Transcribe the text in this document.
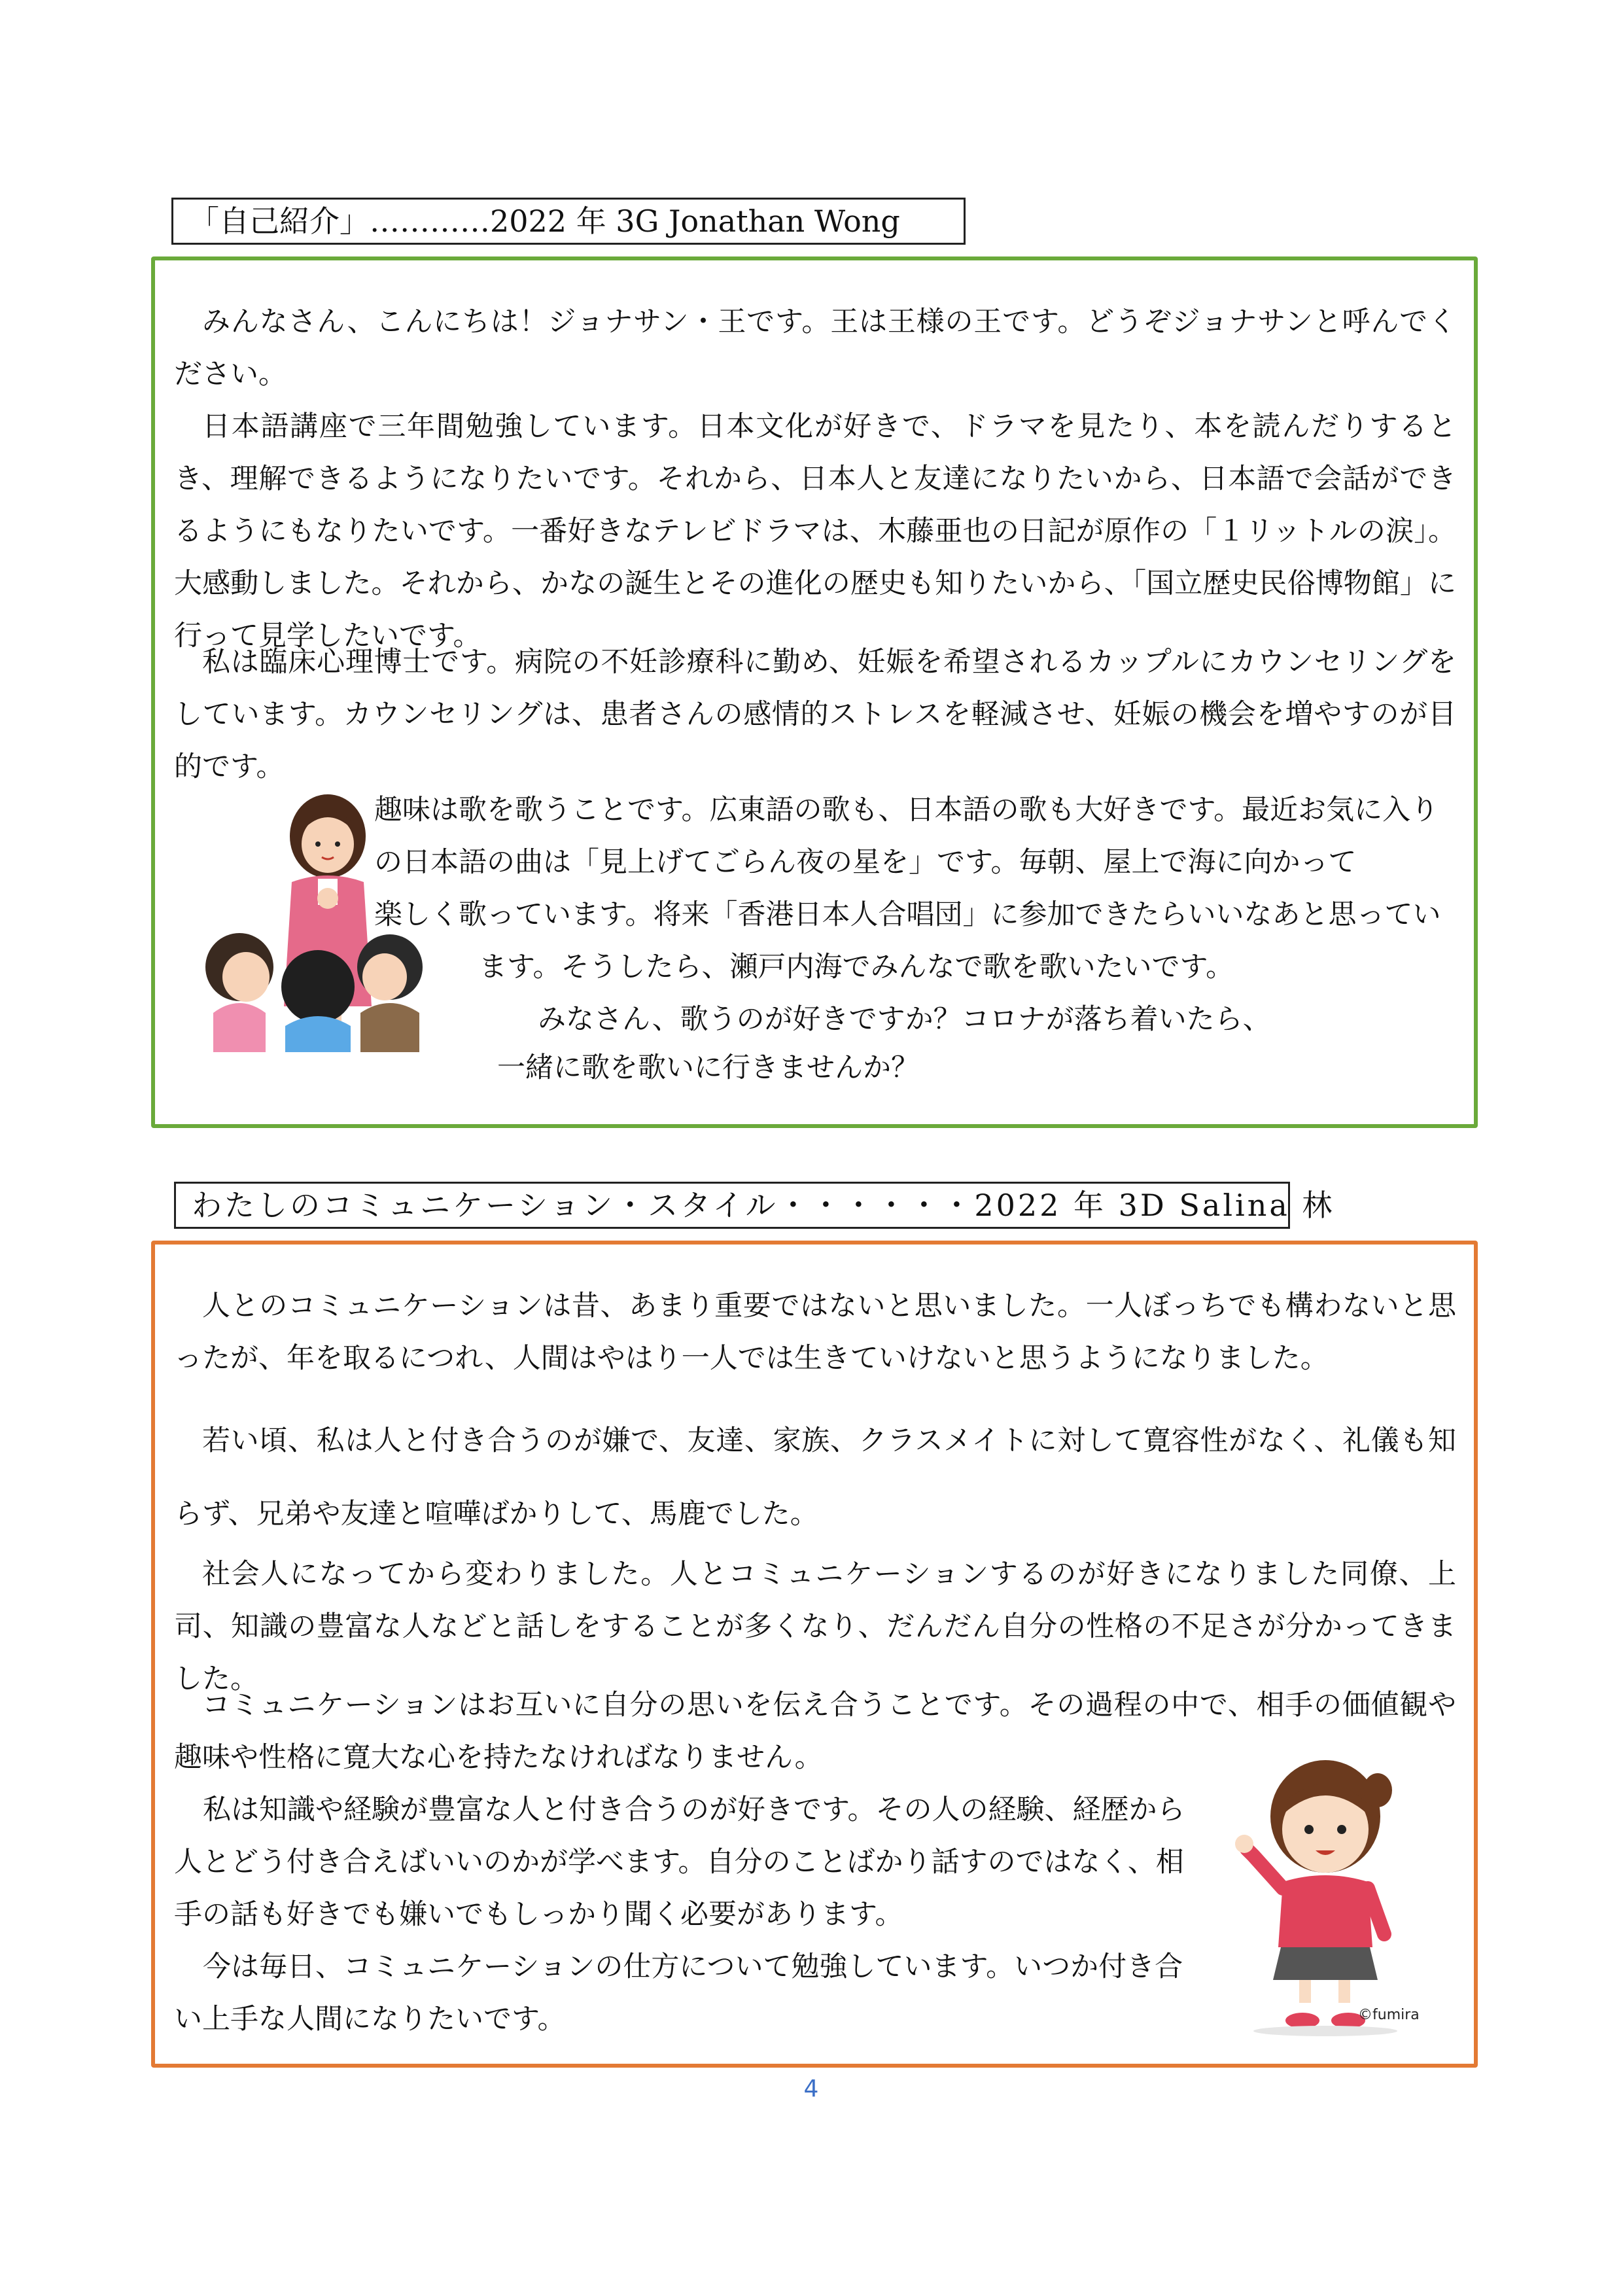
「自己紹介」…………2022 年 3G Jonathan Wong

みんなさん、こんにちは！ジョナサン・王です。王は王様の王です。どうぞジョナサンと呼んでください。

日本語講座で三年間勉強しています。日本文化が好きで、ドラマを見たり、本を読んだりするとき、理解できるようになりたいです。それから、日本人と友達になりたいから、日本語で会話ができるようにもなりたいです。一番好きなテレビドラマは、木藤亜也の日記が原作の「１リットルの涙」。大感動しました。それから、かなの誕生とその進化の歴史も知りたいから、「国立歴史民俗博物館」に行って見学したいです。

私は臨床心理博士です。病院の不妊診療科に勤め、妊娠を希望されるカップルにカウンセリングをしています。カウンセリングは、患者さんの感情的ストレスを軽減させ、妊娠の機会を増やすのが目的です。

趣味は歌を歌うことです。広東語の歌も、日本語の歌も大好きです。最近お気に入り

の日本語の曲は「見上げてごらん夜の星を」です。毎朝、屋上で海に向かって

楽しく歌っています。将来「香港日本人合唱団」に参加できたらいいなあと思ってい

ます。そうしたら、瀬戸内海でみんなで歌を歌いたいです。

みなさん、歌うのが好きですか？コロナが落ち着いたら、

一緒に歌を歌いに行きませんか？

わたしのコミュニケーション・スタイル・・・・・・2022 年 3D Salina 林

人とのコミュニケーションは昔、あまり重要ではないと思いました。一人ぼっちでも構わないと思ったが、年を取るにつれ、人間はやはり一人では生きていけないと思うようになりました。

若い頃、私は人と付き合うのが嫌で、友達、家族、クラスメイトに対して寛容性がなく、礼儀も知らず、兄弟や友達と喧嘩ばかりして、馬鹿でした。

社会人になってから変わりました。人とコミュニケーションするのが好きになりました同僚、上司、知識の豊富な人などと話しをすることが多くなり、だんだん自分の性格の不足さが分かってきました。

コミュニケーションはお互いに自分の思いを伝え合うことです。その過程の中で、相手の価値観や趣味や性格に寛大な心を持たなければなりません。

私は知識や経験が豊富な人と付き合うのが好きです。その人の経験、経歴から

人とどう付き合えばいいのかが学べます。自分のことばかり話すのではなく、相

手の話も好きでも嫌いでもしっかり聞く必要があります。

今は毎日、コミュニケーションの仕方について勉強しています。いつか付き合

い上手な人間になりたいです。	©fumira
4
